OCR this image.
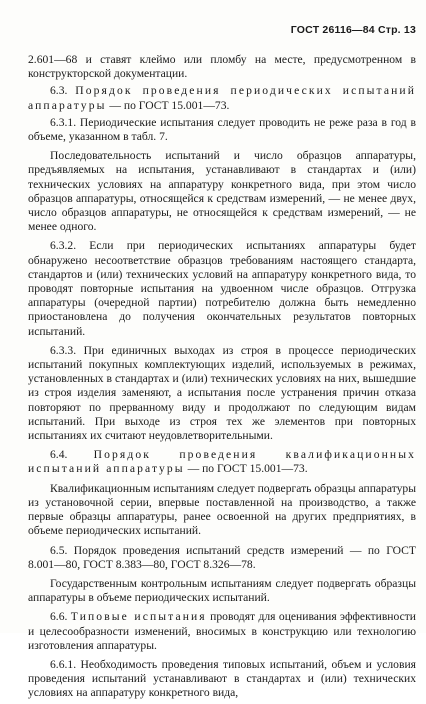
ГОСТ 26116—84 Стр. 13

2.601—68 и ставят клеймо или пломбу на месте, предусмотренном в конструкторской документации.

6.3. Порядок проведения периодических испытаний аппаратуры — по ГОСТ 15.001—73.

6.3.1. Периодические испытания следует проводить не реже раза в год в объеме, указанном в табл. 7.

Последовательность испытаний и число образцов аппаратуры, предъявляемых на испытания, устанавливают в стандартах и (или) технических условиях на аппаратуру конкретного вида, при этом число образцов аппаратуры, относящейся к средствам измерений, — не менее двух, число образцов аппаратуры, не относящейся к средствам измерений, — не менее одного.

6.3.2. Если при периодических испытаниях аппаратуры будет обнаружено несоответствие образцов требованиям настоящего стандарта, стандартов и (или) технических условий на аппаратуру конкретного вида, то проводят повторные испытания на удвоенном числе образцов. Отгрузка аппаратуры (очередной партии) потребителю должна быть немедленно приостановлена до получения окончательных результатов повторных испытаний.

6.3.3. При единичных выходах из строя в процессе периодических испытаний покупных комплектующих изделий, используемых в режимах, установленных в стандартах и (или) технических условиях на них, вышедшие из строя изделия заменяют, а испытания после устранения причин отказа повторяют по прерванному виду и продолжают по следующим видам испытаний. При выходе из строя тех же элементов при повторных испытаниях их считают неудовлетворительными.

6.4. Порядок проведения квалификационных испытаний аппаратуры — по ГОСТ 15.001—73.

Квалификационным испытаниям следует подвергать образцы аппаратуры из установочной серии, впервые поставленной на производство, а также первые образцы аппаратуры, ранее освоенной на других предприятиях, в объеме периодических испытаний.

6.5. Порядок проведения испытаний средств измерений — по ГОСТ 8.001—80, ГОСТ 8.383—80, ГОСТ 8.326—78.

Государственным контрольным испытаниям следует подвергать образцы аппаратуры в объеме периодических испытаний.

6.6. Типовые испытания проводят для оценивания эффективности и целесообразности изменений, вносимых в конструкцию или технологию изготовления аппаратуры.

6.6.1. Необходимость проведения типовых испытаний, объем и условия проведения испытаний устанавливают в стандартах и (или) технических условиях на аппаратуру конкретного вида,
